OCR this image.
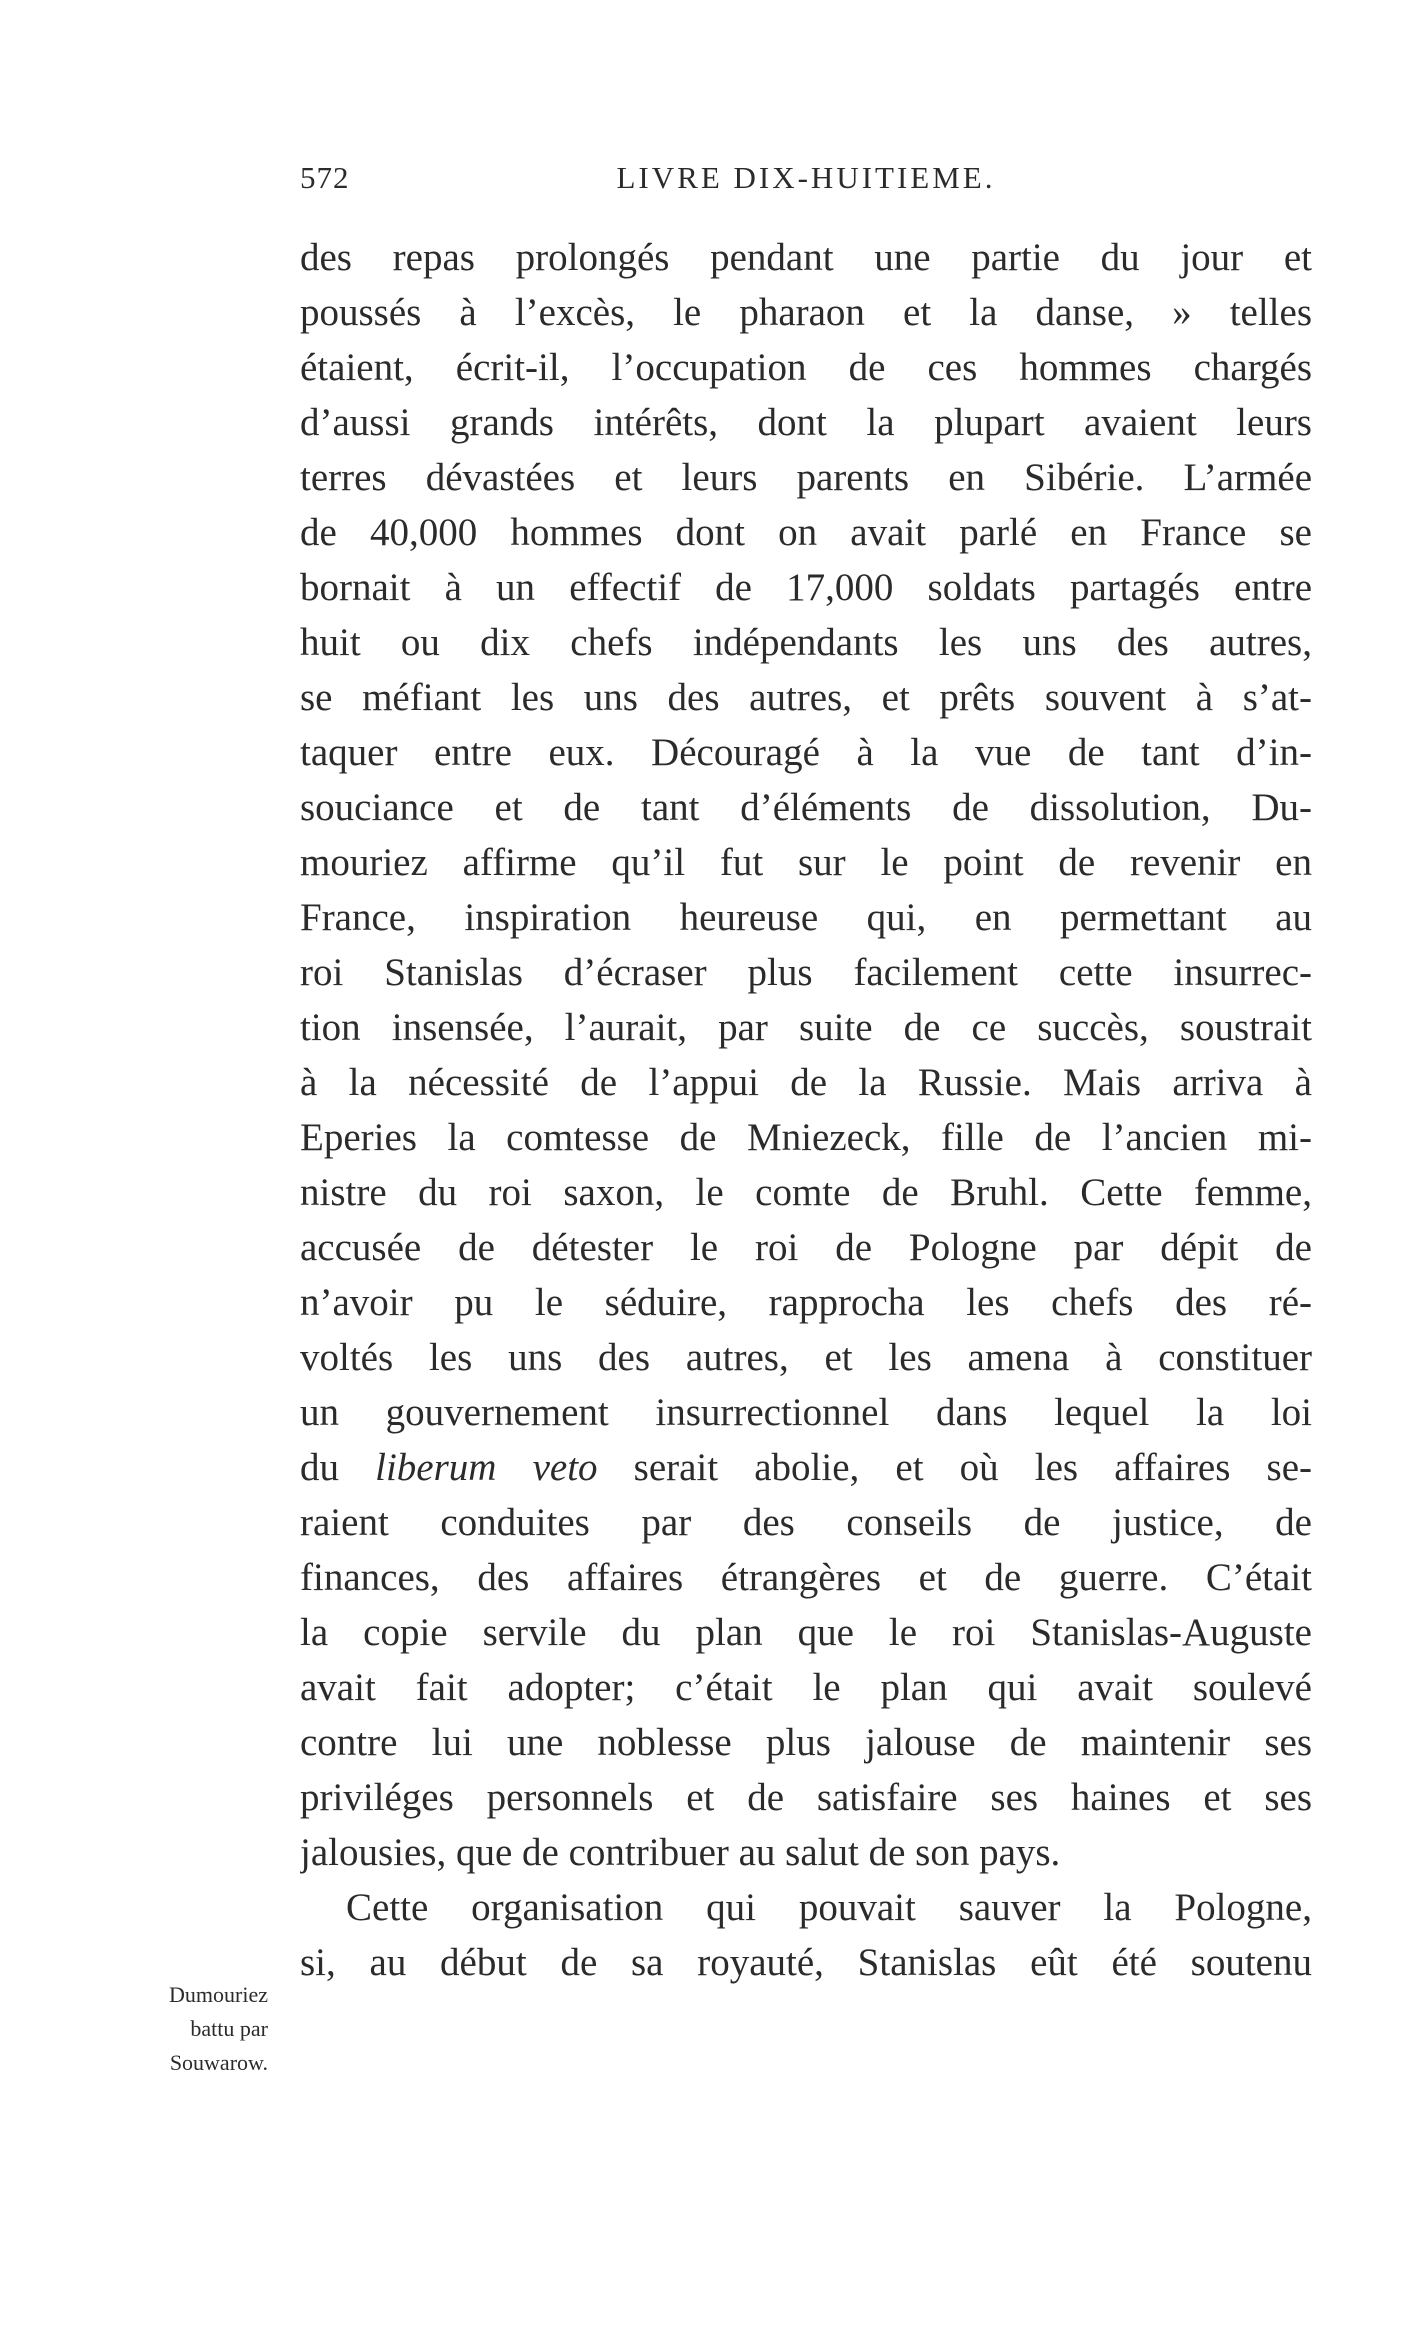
572	LIVRE DIX-HUITIEME.
des repas prolongés pendant une partie du jour et
poussés à l’excès, le pharaon et la danse, » telles
étaient, écrit-il, l’occupation de ces hommes chargés
d’aussi grands intérêts, dont la plupart avaient leurs
terres dévastées et leurs parents en Sibérie. L’armée
de 40,000 hommes dont on avait parlé en France se
bornait à un effectif de 17,000 soldats partagés entre
huit ou dix chefs indépendants les uns des autres,
se méfiant les uns des autres, et prêts souvent à s’at-
taquer entre eux. Découragé à la vue de tant d’in-
souciance et de tant d’éléments de dissolution, Du-
mouriez affirme qu’il fut sur le point de revenir en
France, inspiration heureuse qui, en permettant au
roi Stanislas d’écraser plus facilement cette insurrec-
tion insensée, l’aurait, par suite de ce succès, soustrait
à la nécessité de l’appui de la Russie. Mais arriva à
Eperies la comtesse de Mniezeck, fille de l’ancien mi-
nistre du roi saxon, le comte de Bruhl. Cette femme,
accusée de détester le roi de Pologne par dépit de
n’avoir pu le séduire, rapprocha les chefs des ré-
voltés les uns des autres, et les amena à constituer
un gouvernement insurrectionnel dans lequel la loi
du liberum veto serait abolie, et où les affaires se-
raient conduites par des conseils de justice, de
finances, des affaires étrangères et de guerre. C’était
la copie servile du plan que le roi Stanislas-Auguste
avait fait adopter; c’était le plan qui avait soulevé
contre lui une noblesse plus jalouse de maintenir ses
priviléges personnels et de satisfaire ses haines et ses
jalousies, que de contribuer au salut de son pays.
Cette organisation qui pouvait sauver la Pologne,
si, au début de sa royauté, Stanislas eût été soutenu
Dumouriez
battu par
Souwarow.
